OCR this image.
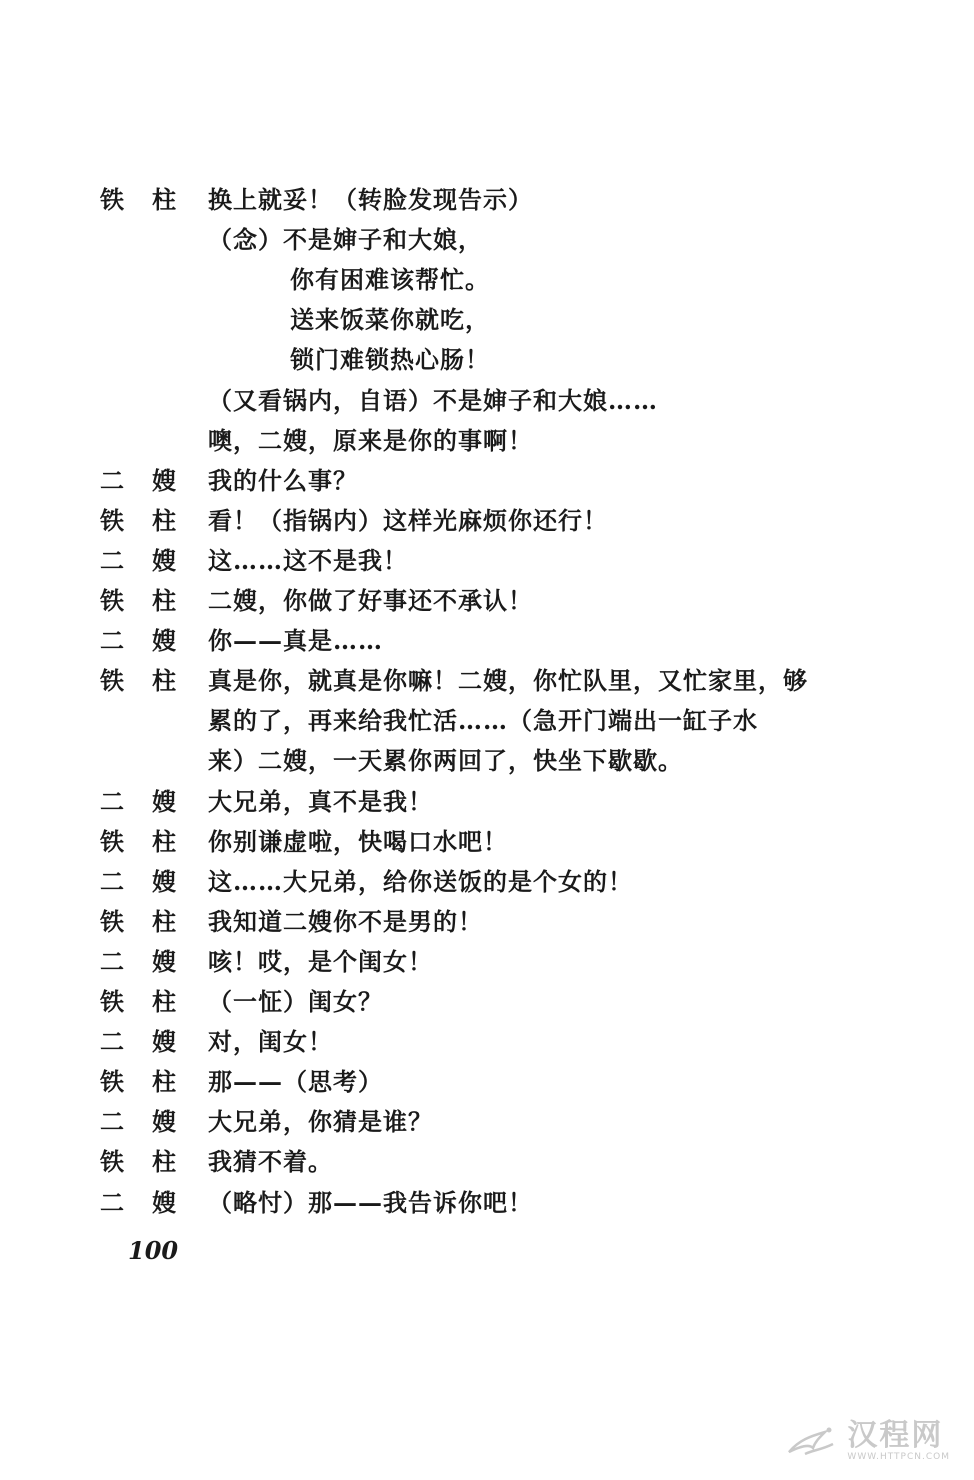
铁柱 换上就妥！（转脸发现告示）
（念）不是婶子和大娘，
你有困难该帮忙。
送来饭菜你就吃，
锁门难锁热心肠！
（又看锅内，自语）不是婶子和大娘……
噢，二嫂，原来是你的事啊！
二嫂 我的什么事？
铁柱 看！（指锅内）这样光麻烦你还行！
二嫂 这……这不是我！
铁柱 二嫂，你做了好事还不承认！
二嫂 你——真是……
铁柱 真是你，就真是你嘛！二嫂，你忙队里，又忙家里，够
累的了，再来给我忙活……（急开门端出一缸子水
来）二嫂，一天累你两回了，快坐下歇歇。
二嫂 大兄弟，真不是我！
铁柱 你别谦虚啦，快喝口水吧！
二嫂 这……大兄弟，给你送饭的是个女的！
铁柱 我知道二嫂你不是男的！
二嫂 咳！哎，是个闺女！
铁柱 （一怔）闺女？
二嫂 对，闺女！
铁柱 那——（思考）
二嫂 大兄弟，你猜是谁？
铁柱 我猜不着。
二嫂 （略忖）那——我告诉你吧！
100
汉程网
WWW.HTTPCN.COM
